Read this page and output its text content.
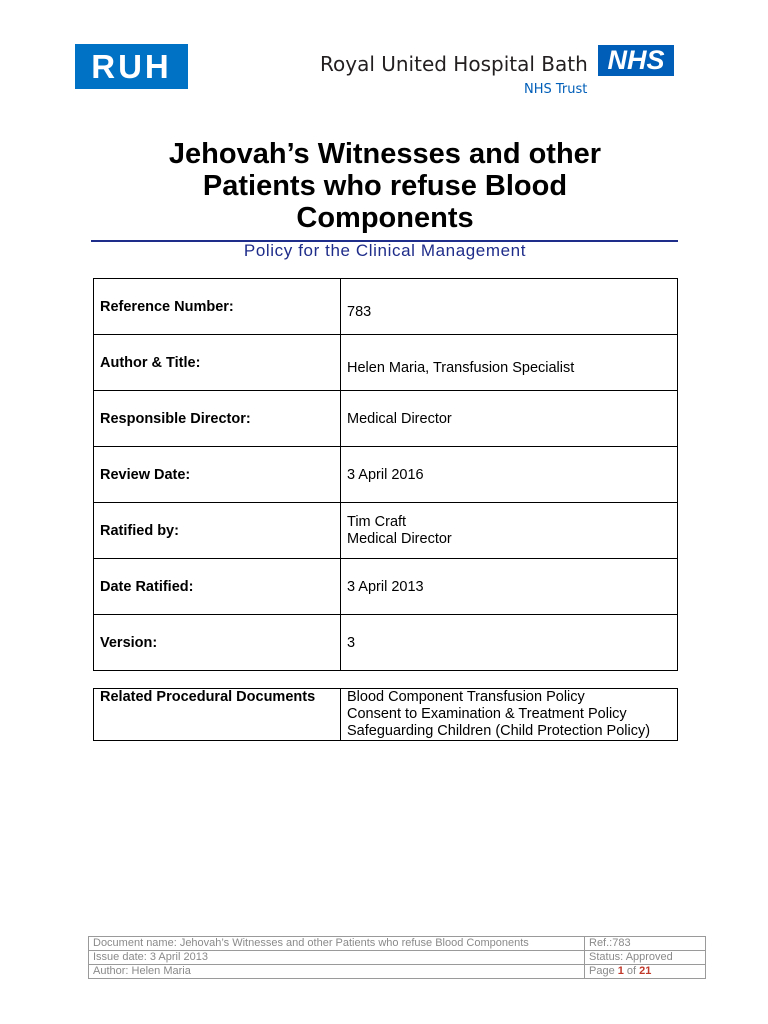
RUH	Royal United Hospital Bath NHS
NHS Trust
Jehovah’s Witnesses and other
Patients who refuse Blood
Components
Policy for the Clinical Management
Reference Number:	783
Author & Title:	Helen Maria, Transfusion Specialist
Responsible Director:	Medical Director
Review Date:	3 April 2016
Ratified by:	Tim Craft
Medical Director

Date Ratified:	3 April 2013
Version:	3
Related Procedural Documents	Blood Component Transfusion Policy
Consent to Examination & Treatment Policy
Safeguarding Children (Child Protection Policy)
Document name: Jehovah’s Witnesses and other Patients who refuse Blood Components	Ref.:783
Issue date: 3 April 2013	Status: Approved
Author: Helen Maria	Page 1 of 21
